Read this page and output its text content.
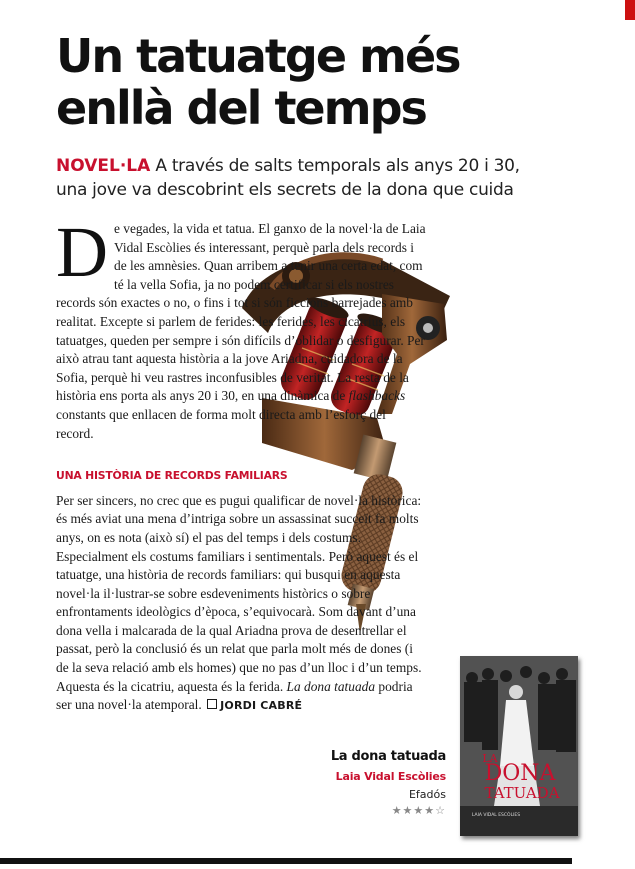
Un tatuatge més
enllà del temps
NOVEL·LA A través de salts temporals als anys 20 i 30,
una jove va descobrint els secrets de la dona que cuida

De vegades, la vida et tatua. El ganxo de la novel·la de Laia Vidal Escòlies és interessant, perquè parla dels records i de les amnèsies. Quan arribem a tenir una certa edat, com té la vella Sofia, ja no podem certificar si els nostres records són exactes o no, o fins i tot si són ficcions barrejades amb realitat. Excepte si parlem de ferides: les ferides, les cicatrius, els tatuatges, queden per sempre i són difícils d’oblidar o desfigurar. Per això atrau tant aquesta història a la jove Ariadna, cuidadora de la Sofia, perquè hi veu rastres inconfusibles de veritat. La resta de la història ens porta als anys 20 i 30, en una dinàmica de flashbacks constants que enllacen de forma molt directa amb l’esforç del record.

UNA HISTÒRIA DE RECORDS FAMILIARS

Per ser sincers, no crec que es pugui qualificar de novel·la històrica: és més aviat una mena d’intriga sobre un assassinat succeït fa molts anys, on es nota (això sí) el pas del temps i dels costums. Especialment els costums familiars i sentimentals. Però aquest és el tatuatge, una història de records familiars: qui busqui en aquesta novel·la il·lustrar-se sobre esdeveniments històrics o sobre enfrontaments ideològics d’època, s’equivocarà. Som davant d’una dona vella i malcarada de la qual Ariadna prova de desentrellar el passat, però la conclusió és un relat que parla molt més de dones (i de la seva relació amb els homes) que no pas d’un lloc i d’un temps. Aquesta és la cicatriu, aquesta és la ferida. La dona tatuada podria ser una novel·la atemporal. JORDI CABRÉ

La dona tatuada
Laia Vidal Escòlies
Efadós
★★★★☆
LA
DONA
TATUADA
LAIA VIDAL ESCÒLIES
